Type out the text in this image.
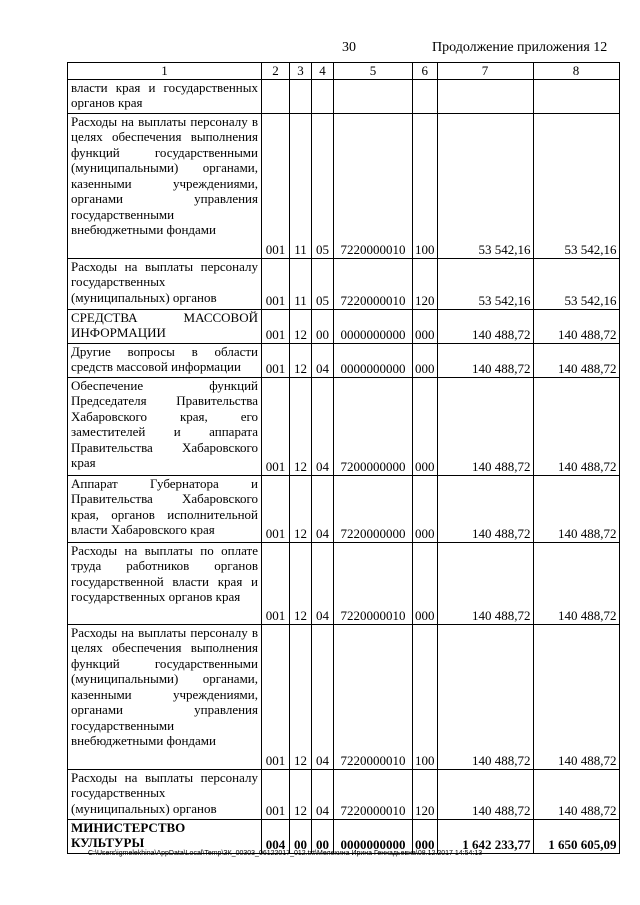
30	Продолжение приложения 12
1	2	3	4	5	6	7	8
власти края и государственных органов края							
Расходы на выплаты персоналу в целях обеспечения выполнения функций государственными (муниципальными) органами, казенными учреждениями, органами управления государственными внебюджетными фондами	001	11	05	7220000010	100	53 542,16	53 542,16
Расходы на выплаты персоналу государственных (муниципальных) органов	001	11	05	7220000010	120	53 542,16	53 542,16
СРЕДСТВА МАССОВОЙ ИНФОРМАЦИИ	001	12	00	0000000000	000	140 488,72	140 488,72
Другие вопросы в области средств массовой информации	001	12	04	0000000000	000	140 488,72	140 488,72
Обеспечение функций Председателя Правительства Хабаровского края, его заместителей и аппарата Правительства Хабаровского края	001	12	04	7200000000	000	140 488,72	140 488,72
Аппарат Губернатора и Правительства Хабаровского края, органов исполнительной власти Хабаровского края	001	12	04	7220000000	000	140 488,72	140 488,72
Расходы на выплаты по оплате труда работников органов государственной власти края и государственных органов края	001	12	04	7220000010	000	140 488,72	140 488,72
Расходы на выплаты персоналу в целях обеспечения выполнения функций государственными (муниципальными) органами, казенными учреждениями, органами управления государственными внебюджетными фондами	001	12	04	7220000010	100	140 488,72	140 488,72
Расходы на выплаты персоналу государственных (муниципальных) органов	001	12	04	7220000010	120	140 488,72	140 488,72
МИНИСТЕРСТВО КУЛЬТУРЫ	004	00	00	0000000000	000	1 642 233,77	1 650 605,09
C:\Users\igmelekhina\AppData\Local\Temp\ЗК_00303_06122017_012.txt\Мелехина Ирина Геннадьевна\08.12.2017 14:54:13
